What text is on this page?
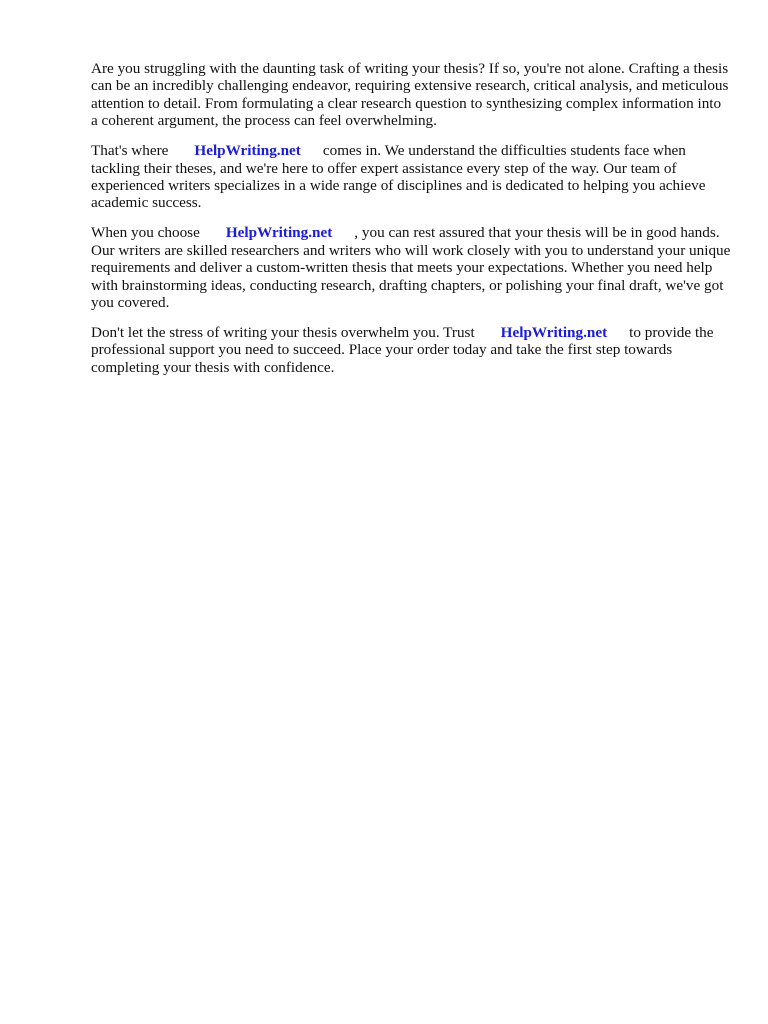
Are you struggling with the daunting task of writing your thesis? If so, you're not alone. Crafting a thesis can be an incredibly challenging endeavor, requiring extensive research, critical analysis, and meticulous attention to detail. From formulating a clear research question to synthesizing complex information into a coherent argument, the process can feel overwhelming.

That's where HelpWriting.net comes in. We understand the difficulties students face when tackling their theses, and we're here to offer expert assistance every step of the way. Our team of experienced writers specializes in a wide range of disciplines and is dedicated to helping you achieve academic success.

When you choose HelpWriting.net , you can rest assured that your thesis will be in good hands. Our writers are skilled researchers and writers who will work closely with you to understand your unique requirements and deliver a custom-written thesis that meets your expectations. Whether you need help with brainstorming ideas, conducting research, drafting chapters, or polishing your final draft, we've got you covered.

Don't let the stress of writing your thesis overwhelm you. Trust HelpWriting.net to provide the professional support you need to succeed. Place your order today and take the first step towards completing your thesis with confidence.
